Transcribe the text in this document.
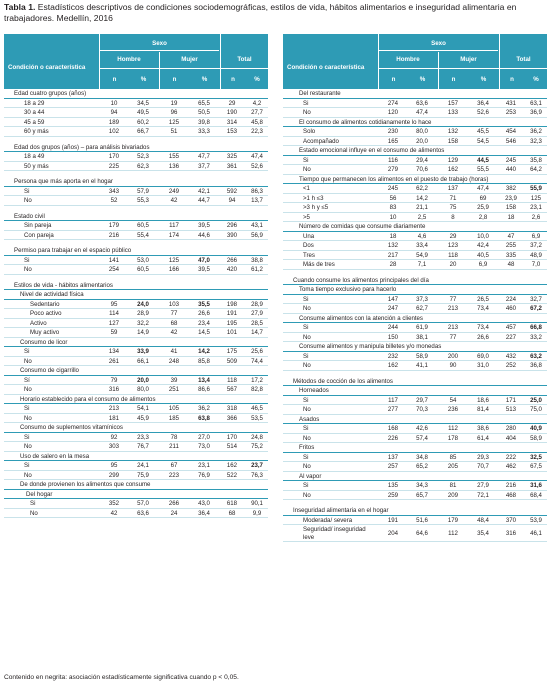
Tabla 1. Estadísticos descriptivos de condiciones sociodemográficas, estilos de vida, hábitos alimentarios e inseguridad alimentaria en trabajadores. Medellín, 2016
Condición o característica
Sexo
Hombre	Mujer	Total
n	%	n	%	n	%
Edad cuatro grupos (años)
18 a 29	10	34,5	19	65,5	29	4,2
30 a 44	94	49,5	96	50,5	190	27,7
45 a 59	189	60,2	125	39,8	314	45,8
60 y más	102	66,7	51	33,3	153	22,3
Edad dos grupos (años) – para análisis bivariados
18 a 49	170	52,3	155	47,7	325	47,4
50 y más	225	62,3	136	37,7	361	52,6
Persona que más aporta en el hogar
Si	343	57,9	249	42,1	592	86,3
No	52	55,3	42	44,7	94	13,7
Estado civil
Sin pareja	179	60,5	117	39,5	296	43,1
Con pareja	216	55,4	174	44,6	390	56,9
Permiso para trabajar en el espacio público
Si	141	53,0	125	47,0	266	38,8
No	254	60,5	166	39,5	420	61,2
Estilos de vida - hábitos alimentarios
Nivel de actividad física
Sedentario	95	24,0	103	35,5	198	28,9
Poco activo	114	28,9	77	26,6	191	27,9
Activo	127	32,2	68	23,4	195	28,5
Muy activo	59	14,9	42	14,5	101	14,7
Consumo de licor
Si	134	33,9	41	14,2	175	25,6
No	261	66,1	248	85,8	509	74,4
Consumo de cigarrillo
Sí	79	20,0	39	13,4	118	17,2
No	316	80,0	251	86,6	567	82,8
Horario establecido para el consumo de alimentos
Si	213	54,1	105	36,2	318	46,5
No	181	45,9	185	63,8	366	53,5
Consumo de suplementos vitamínicos
Si	92	23,3	78	27,0	170	24,8
No	303	76,7	211	73,0	514	75,2
Uso de salero en la mesa
Si	95	24,1	67	23,1	162	23,7
No	299	75,9	223	76,9	522	76,3
De donde provienen los alimentos que consume
Del hogar
Si	352	57,0	266	43,0	618	90,1
No	42	63,6	24	36,4	68	9,9
Condición o característica
Sexo
Hombre	Mujer	Total
n	%	n	%	n	%
Del restaurante
Si	274	63,6	157	36,4	431	63,1
No	120	47,4	133	52,6	253	36,9
El consumo de alimentos cotidianamente lo hace
Solo	230	80,0	132	45,5	454	36,2
Acompañado	165	20,0	158	54,5	546	32,3
Estado emocional influye en el consumo de alimentos
Si	116	29,4	129	44,5	245	35,8
No	279	70,6	162	55,5	440	64,2
Tiempo que permanecen los alimentos en el puesto de trabajo (horas)
<1	245	62,2	137	47,4	382	55,9
>1 h ≤3	56	14,2	71	69	23,9	125
>3 h y ≤5	83	21,1	75	25,9	158	23,1
>5	10	2,5	8	2,8	18	2,6
Número de comidas que consume diariamente
Una	18	4,6	29	10,0	47	6,9
Dos	132	33,4	123	42,4	255	37,2
Tres	217	54,9	118	40,5	335	48,9
Más de tres	28	7,1	20	6,9	48	7,0
Cuando consume los alimentos principales del día
Toma tiempo exclusivo para hacerlo
Si	147	37,3	77	26,5	224	32,7
No	247	62,7	213	73,4	460	67,2
Consume alimentos con la atención a clientes
Si	244	61,9	213	73,4	457	66,8
No	150	38,1	77	26,6	227	33,2
Consume alimentos y manipula billetes y/o monedas
Si	232	58,9	200	69,0	432	63,2
No	162	41,1	90	31,0	252	36,8
Métodos de cocción de los alimentos
Horneados
Si	117	29,7	54	18,6	171	25,0
No	277	70,3	236	81,4	513	75,0
Asados
Si	168	42,6	112	38,6	280	40,9
No	226	57,4	178	61,4	404	58,9
Fritos
Si	137	34,8	85	29,3	222	32,5
No	257	65,2	205	70,7	462	67,5
Al vapor
Si	135	34,3	81	27,9	216	31,6
No	259	65,7	209	72,1	468	68,4
Inseguridad alimentaria en el hogar
Moderada/ severa	191	51,6	179	48,4	370	53,9
Seguridad/ inseguridad leve	204	64,6	112	35,4	316	46,1
Contenido en negrita: asociación estadísticamente significativa cuando p < 0,05.
